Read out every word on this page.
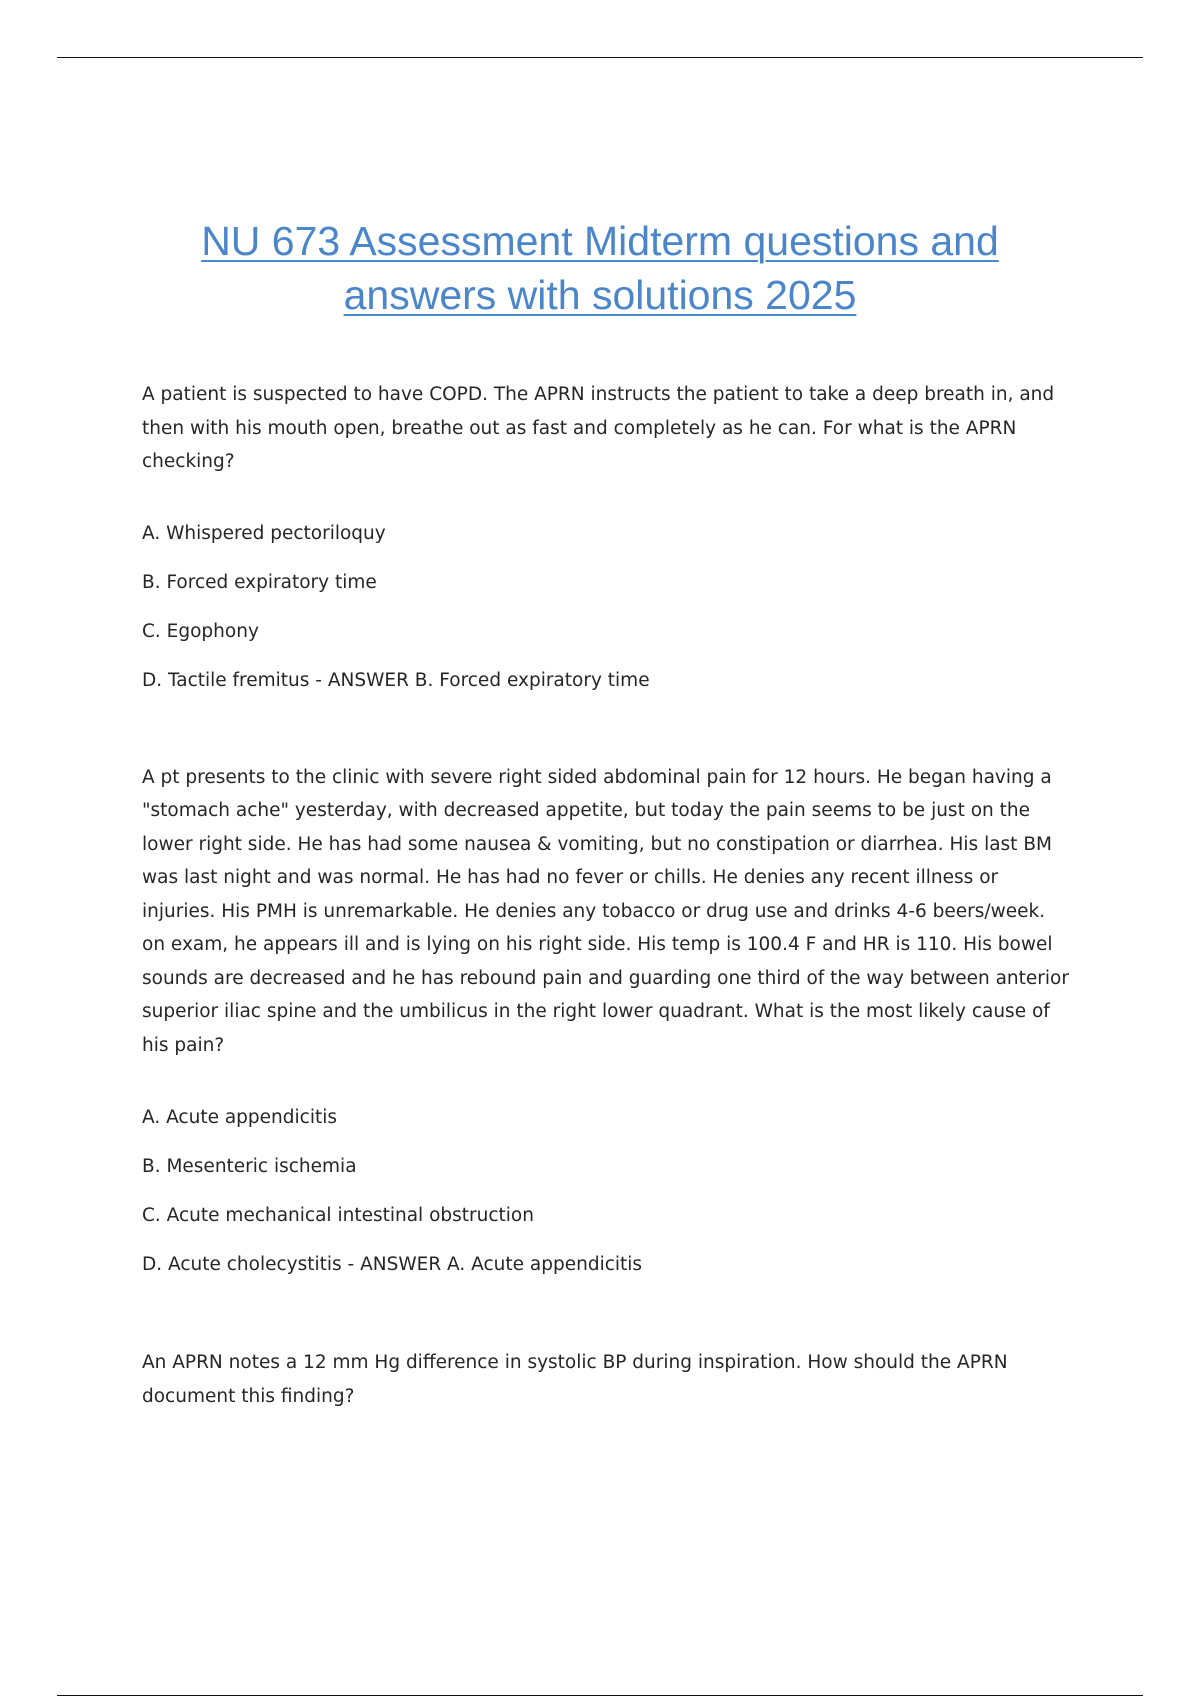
NU 673 Assessment Midterm questions and
answers with solutions 2025

A patient is suspected to have COPD. The APRN instructs the patient to take a deep breath in, and then with his mouth open, breathe out as fast and completely as he can. For what is the APRN checking?

A. Whispered pectoriloquy
B. Forced expiratory time
C. Egophony
D. Tactile fremitus - ANSWER B. Forced expiratory time

A pt presents to the clinic with severe right sided abdominal pain for 12 hours. He began having a "stomach ache" yesterday, with decreased appetite, but today the pain seems to be just on the lower right side. He has had some nausea & vomiting, but no constipation or diarrhea. His last BM was last night and was normal. He has had no fever or chills. He denies any recent illness or injuries. His PMH is unremarkable. He denies any tobacco or drug use and drinks 4-6 beers/week. on exam, he appears ill and is lying on his right side. His temp is 100.4 F and HR is 110. His bowel sounds are decreased and he has rebound pain and guarding one third of the way between anterior superior iliac spine and the umbilicus in the right lower quadrant. What is the most likely cause of his pain?

A. Acute appendicitis
B. Mesenteric ischemia
C. Acute mechanical intestinal obstruction
D. Acute cholecystitis - ANSWER A. Acute appendicitis

An APRN notes a 12 mm Hg difference in systolic BP during inspiration. How should the APRN document this finding?
